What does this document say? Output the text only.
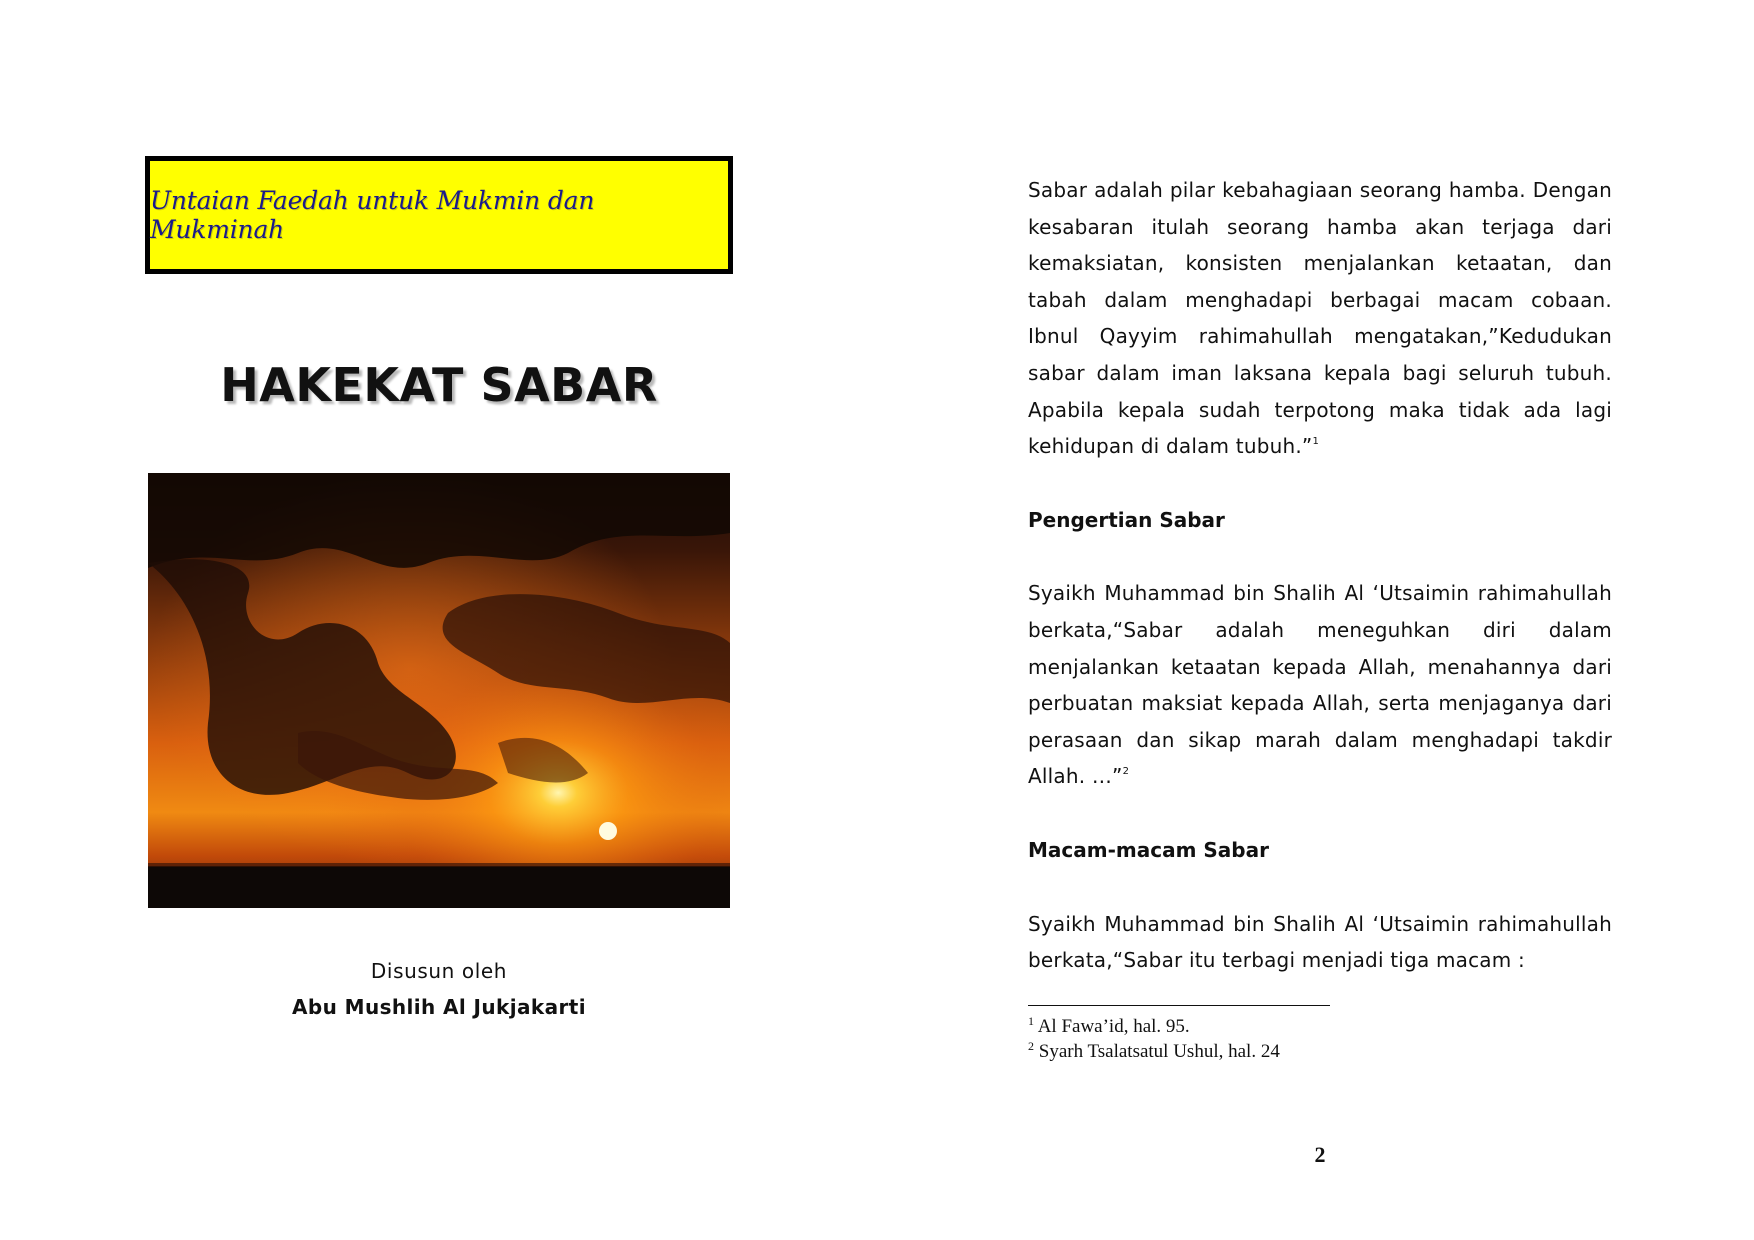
Untaian Faedah untuk Mukmin dan Mukminah
HAKEKAT SABAR
Disusun oleh
Abu Mushlih Al Jukjakarti

Sabar adalah pilar kebahagiaan seorang hamba. Dengan kesabaran itulah seorang hamba akan terjaga dari kemaksiatan, konsisten menjalankan ketaatan, dan tabah dalam menghadapi berbagai macam cobaan. Ibnul Qayyim rahimahullah mengatakan,”Kedudukan sabar dalam iman laksana kepala bagi seluruh tubuh. Apabila kepala sudah terpotong maka tidak ada lagi kehidupan di dalam tubuh.”$^1$

Pengertian Sabar

Syaikh Muhammad bin Shalih Al ‘Utsaimin rahimahullah berkata,“Sabar adalah meneguhkan diri dalam menjalankan ketaatan kepada Allah, menahannya dari perbuatan maksiat kepada Allah, serta menjaganya dari perasaan dan sikap marah dalam menghadapi takdir Allah. …”$^2$

Macam-macam Sabar

Syaikh Muhammad bin Shalih Al ‘Utsaimin rahimahullah berkata,“Sabar itu terbagi menjadi tiga macam :

$^1$ Al Fawa’id, hal. 95.
$^2$ Syarh Tsalatsatul Ushul, hal. 24
2
